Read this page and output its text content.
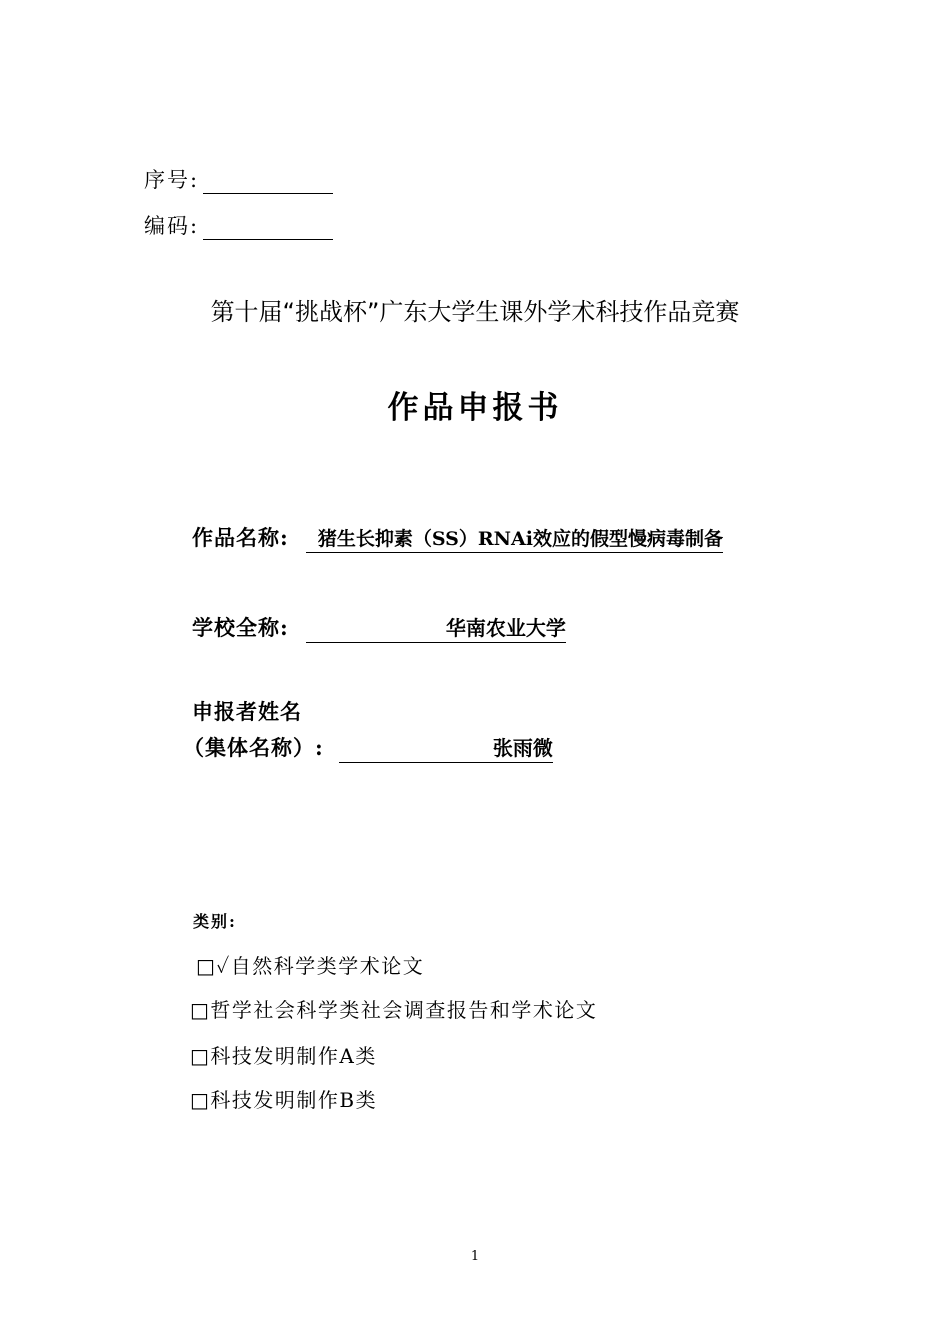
序号:
编码:
第十届“挑战杯”广东大学生课外学术科技作品竞赛
作品申报书
作品名称: 猪生长抑素（SS）RNAi效应的假型慢病毒制备
学校全称:	华南农业大学
申报者姓名
（集体名称）:	张雨微
类别:
□✓自然科学类学术论文
□哲学社会科学类社会调查报告和学术论文
□科技发明制作A类
□科技发明制作B类
1
